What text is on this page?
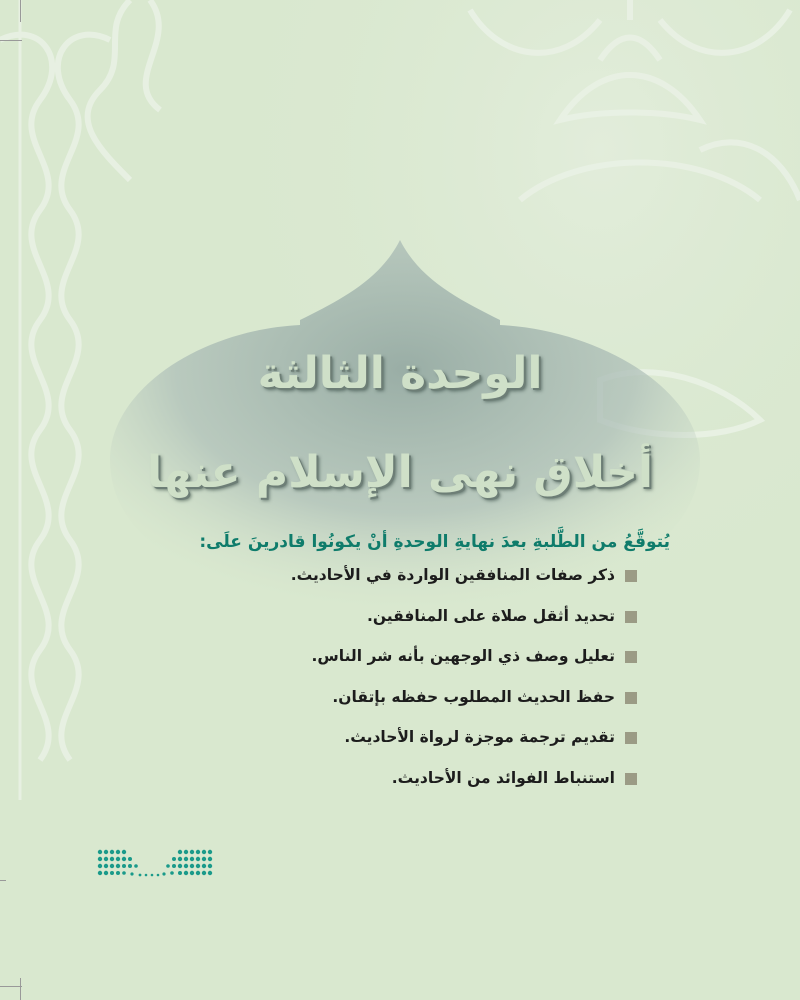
الوحدة الثالثة
أخلاق نهى الإسلام عنها
يُتوقَّعُ من الطَّلبةِ بعدَ نهايةِ الوحدةِ أنْ يكونُوا قادرينَ علَى:
ذكر صفات المنافقين الواردة في الأحاديث.
تحديد أثقل صلاة على المنافقين.
تعليل وصف ذي الوجهين بأنه شر الناس.
حفظ الحديث المطلوب حفظه بإتقان.
تقديم ترجمة موجزة لرواة الأحاديث.
استنباط الفوائد من الأحاديث.
